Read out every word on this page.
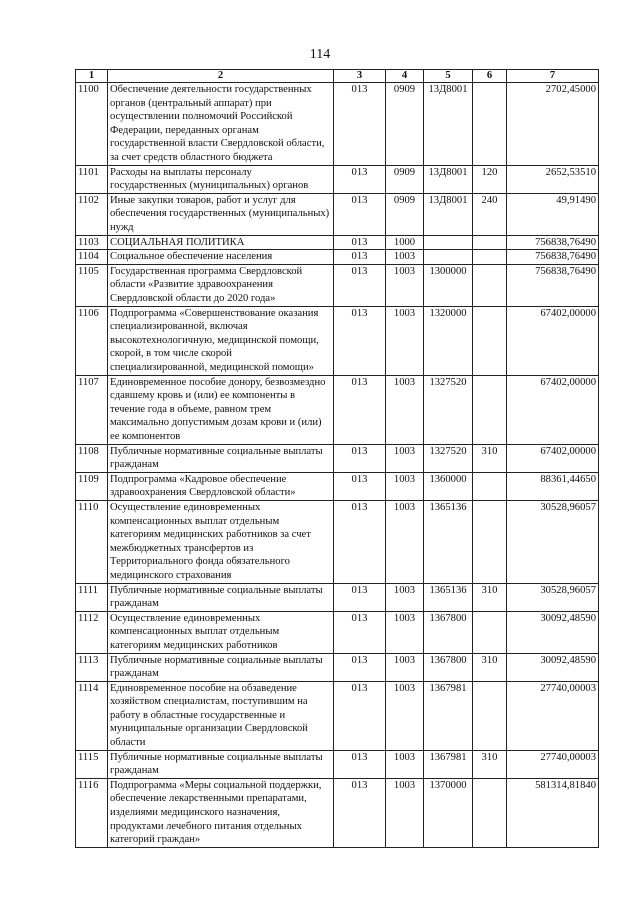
114
1	2	3	4	5	6	7
1100	Обеспечение деятельности государственных органов (центральный аппарат) при осуществлении полномочий Российской Федерации, переданных органам государственной власти Свердловской области, за счет средств областного бюджета	013	0909	13Д8001		2702,45000
1101	Расходы на выплаты персоналу государственных (муниципальных) органов	013	0909	13Д8001	120	2652,53510
1102	Иные закупки товаров, работ и услуг для обеспечения государственных (муниципальных) нужд	013	0909	13Д8001	240	49,91490
1103	СОЦИАЛЬНАЯ ПОЛИТИКА	013	1000			756838,76490
1104	Социальное обеспечение населения	013	1003			756838,76490
1105	Государственная программа Свердловской области «Развитие здравоохранения Свердловской области до 2020 года»	013	1003	1300000		756838,76490
1106	Подпрограмма «Совершенствование оказания специализированной, включая высокотехнологичную, медицинской помощи, скорой, в том числе скорой специализированной, медицинской помощи»	013	1003	1320000		67402,00000
1107	Единовременное пособие донору, безвозмездно сдавшему кровь и (или) ее компоненты в течение года в объеме, равном трем максимально допустимым дозам крови и (или) ее компонентов	013	1003	1327520		67402,00000
1108	Публичные нормативные социальные выплаты гражданам	013	1003	1327520	310	67402,00000
1109	Подпрограмма «Кадровое обеспечение здравоохранения Свердловской области»	013	1003	1360000		88361,44650
1110	Осуществление единовременных компенсационных выплат отдельным категориям медицинских работников за счет межбюджетных трансфертов из Территориального фонда обязательного медицинского страхования	013	1003	1365136		30528,96057
1111	Публичные нормативные социальные выплаты гражданам	013	1003	1365136	310	30528,96057
1112	Осуществление единовременных компенсационных выплат отдельным категориям медицинских работников	013	1003	1367800		30092,48590
1113	Публичные нормативные социальные выплаты гражданам	013	1003	1367800	310	30092,48590
1114	Единовременное пособие на обзаведение хозяйством специалистам, поступившим на работу в областные государственные и муниципальные организации Свердловской области	013	1003	1367981		27740,00003
1115	Публичные нормативные социальные выплаты гражданам	013	1003	1367981	310	27740,00003
1116	Подпрограмма «Меры социальной поддержки, обеспечение лекарственными препаратами, изделиями медицинского назначения, продуктами лечебного питания отдельных категорий граждан»	013	1003	1370000		581314,81840
